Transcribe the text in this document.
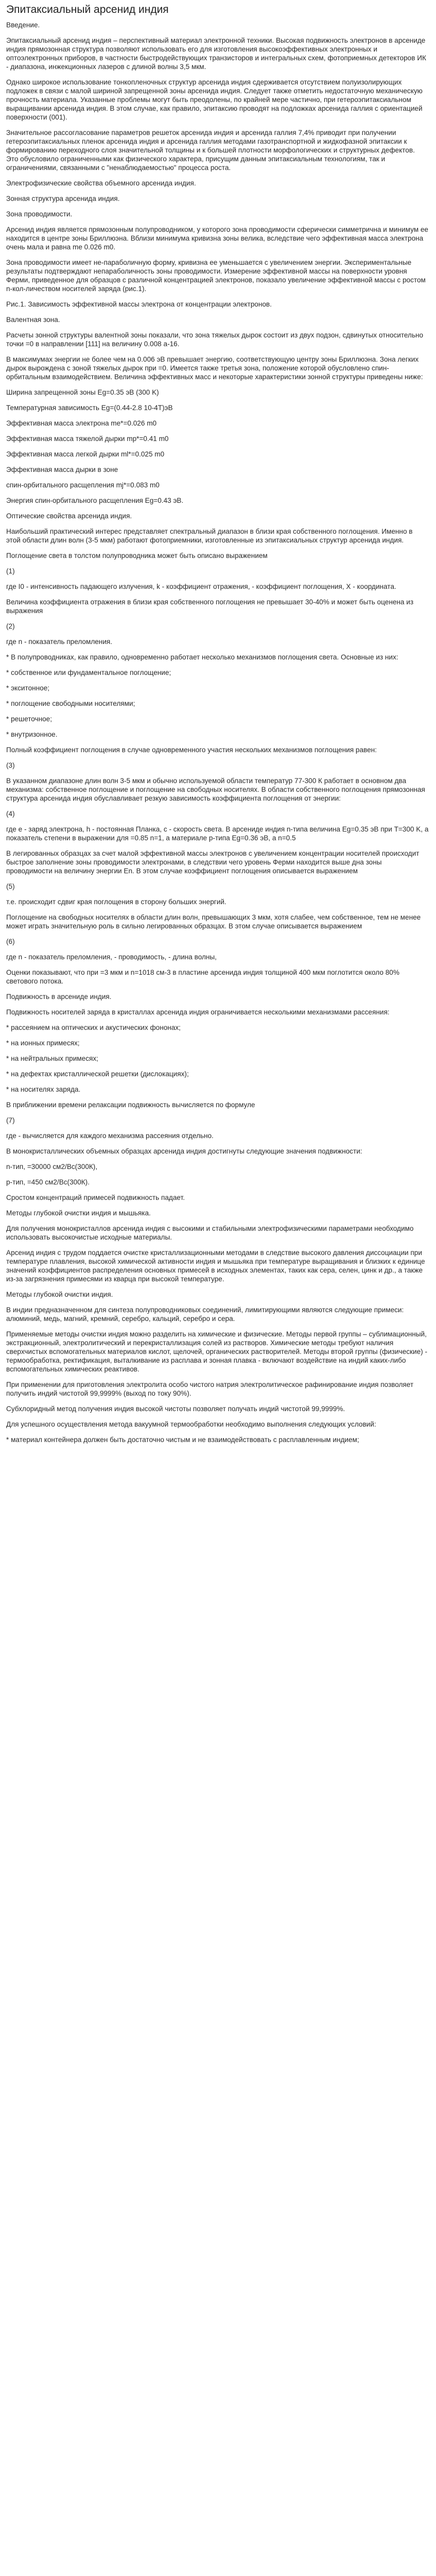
Эпитаксиальный арсенид индия

Введение.

Эпитаксиальный арсенид индия – перспективный материал электронной техники. Высокая подвижность электронов в арсениде индия прямозонная структура позволяют использовать его для изготовления высокоэффективных электронных и оптоэлектронных приборов, в частности быстродействующих транзисторов и интегральных схем, фотоприемных детекторов ИК - диапазона, инжекционных лазеров с длиной волны 3,5 мкм.

Однако широкое использование тонкопленочных структур арсенида индия сдерживается отсутствием полуизолирующих подложек в связи с малой шириной запрещенной зоны арсенида индия. Следует также отметить недостаточную механическую прочность материала. Указанные проблемы могут быть преодолены, по крайней мере частично, при гетероэпитаксиальном выращивании арсенида индия. В этом случае, как правило, эпитаксию проводят на подложках арсенида галлия с ориентацией поверхности (001).

Значительное рассогласование параметров решеток арсенида индия и арсенида галлия 7,4% приводит при получении гетероэпитаксиальных пленок арсенида индия и арсенида галлия методами газотранспортной и жидкофазной эпитаксии к формированию переходного слоя значительной толщины и к большей плотности морфологических и структурных дефектов. Это обусловило ограниченными как физического характера, присущим данным эпитаксиальным технологиям, так и ограничениями, связанными с "ненаблюдаемостью" процесса роста.

Электрофизические свойства объемного арсенида индия.

Зонная структура арсенида индия.

Зона проводимости.

Арсенид индия является прямозонным полупроводником, у которого зона проводимости сферически симметрична и минимум ее находится в центре зоны Бриллюэна. Вблизи минимума кривизна зоны велика, вследствие чего эффективная масса электрона очень мала и равна me 0.026 m0.

Зона проводимости имеет не-параболичную форму, кривизна ее уменьшается с увеличением энергии. Экспериментальные результаты подтверждают непараболичность зоны проводимости. Измерение эффективной массы на поверхности уровня Ферми, приведенное для образцов с различной концентрацией электронов, показало увеличение эффективной массы с ростом n-кол-личеством носителей заряда (рис.1).

Рис.1. Зависимость эффективной массы электрона от концентрации электронов.

Валентная зона.

Расчеты зонной структуры валентной зоны показали, что зона тяжелых дырок состоит из двух подзон, сдвинутых относительно точки =0 в направлении [111] на величину 0.008 а-16.

В максимумах энергии не более чем на 0.006 эВ превышает энергию, соответствующую центру зоны Бриллюэна. Зона легких дырок вырождена с зоной тяжелых дырок при =0. Имеется также третья зона, положение которой обусловлено спин-орбитальным взаимодействием. Величина эффективных масс и некоторые характеристики зонной структуры приведены ниже:

Ширина запрещенной зоны Eg=0.35 эВ (300 K)

Температурная зависимость Eg=(0.44-2.8 10-4T)эВ

Эффективная масса электрона me*=0.026 m0

Эффективная масса тяжелой дырки mp*=0.41 m0

Эффективная масса легкой дырки ml*=0.025 m0

Эффективная масса дырки в зоне

спин-орбитального расщепления mj*=0.083 m0

Энергия спин-орбитального расщепления Eg=0.43 эВ.

Оптические свойства арсенида индия.

Наибольший практический интерес представляет спектральный диапазон в близи края собственного поглощения. Именно в этой области длин волн (3-5 мкм) работают фотоприемники, изготовленные из эпитаксиальных структур арсенида индия.

Поглощение света в толстом полупроводника может быть описано выражением

(1)

где I0 - интенсивность падающего излучения, k - коэффициент отражения, - коэффициент поглощения, Х - координата.

Величина коэффициента отражения в близи края собственного поглощения не превышает 30-40% и может быть оценена из выражения

(2)

где n - показатель преломления.

* В полупроводниках, как правило, одновременно работает несколько механизмов поглощения света. Основные из них:

* собственное или фундаментальное поглощение;

* экситонное;

* поглощение свободными носителями;

* решеточное;

* внутризонное.

Полный коэффициент поглощения в случае одновременного участия нескольких механизмов поглощения равен:

(3)

В указанном диапазоне длин волн 3-5 мкм и обычно используемой области температур 77-300 К работает в основном два механизма: собственное поглощение и поглощение на свободных носителях. В области собственного поглощения прямозонная структура арсенида индия обуславливает резкую зависимость коэффициента поглощения от энергии:

(4)

где e - заряд электрона, h - постоянная Планка, c - скорость света. В арсениде индия n-типа величина Eg=0.35 эВ при T=300 K, а показатель степени в выражении для =0.85 n=1, а материале p-типа Eg=0.36 эВ, а n=0.5

В легированных образцах за счет малой эффективной массы электронов с увеличением концентрации носителей происходит быстрое заполнение зоны проводимости электронами, в следствии чего уровень Ферми находится выше дна зоны проводимости на величину энергии Еn. В этом случае коэффициент поглощения описывается выражением

(5)

т.е. происходит сдвиг края поглощения в сторону больших энергий.

Поглощение на свободных носителях в области длин волн, превышающих 3 мкм, хотя слабее, чем собственное, тем не менее может играть значительную роль в сильно легированных образцах. В этом случае описывается выражением

(6)

где n - показатель преломления, - проводимость, - длина волны,

Оценки показывают, что при =3 мкм и n=1018 см-3 в пластине арсенида индия толщиной 400 мкм поглотится около 80% светового потока.

Подвижность в арсениде индия.

Подвижность носителей заряда в кристаллах арсенида индия ограничивается несколькими механизмами рассеяния:

* рассеянием на оптических и акустических фононах;

* на ионных примесях;

* на нейтральных примесях;

* на дефектах кристаллической решетки (дислокациях);

* на носителях заряда.

В приближении времени релаксации подвижность вычисляется по формуле

(7)

где - вычисляется для каждого механизма рассеяния отдельно.

В монокристаллических объемных образцах арсенида индия достигнуты следующие значения подвижности:

n-тип, =30000 см2/Вс(300К),

p-тип, =450 см2/Вс(300К).

Сростом концентраций примесей подвижность падает.

Методы глубокой очистки индия и мышьяка.

Для получения монокристаллов арсенида индия с высокими и стабильными электрофизическими параметрами необходимо использовать высокочистые исходные материалы.

Арсенид индия с трудом поддается очистке кристаллизационными методами в следствие высокого давления диссоциации при температуре плавления, высокой химической активности индия и мышьяка при температуре выращивания и близких к единице значений коэффициентов распределения основных примесей в исходных элементах, таких как сера, селен, цинк и др., а также из-за загрязнения примесями из кварца при высокой температуре.

Методы глубокой очистки индия.

В индии предназначенном для синтеза полупроводниковых соединений, лимитирующими являются следующие примеси: алюминий, медь, магний, кремний, серебро, кальций, серебро и сера.

Применяемые методы очистки индия можно разделить на химические и физические. Методы первой группы – сублимационный, экстракционный, электролитический и перекристаллизация солей из растворов. Химические методы требуют наличия сверхчистых вспомогательных материалов кислот, щелочей, органических растворителей. Методы второй группы (физические) - термообработка, ректификация, выталкивание из расплава и зонная плавка - включают воздействие на индий каких-либо вспомогательных химических реактивов.

При применении для приготовления электролита особо чистого натрия электролитическое рафинирование индия позволяет получить индий чистотой 99,9999% (выход по току 90%).

Субхлоридный метод получения индия высокой чистоты позволяет получать индий чистотой 99,9999%.

Для успешного осуществления метода вакуумной термообработки необходимо выполнения следующих условий:

* материал контейнера должен быть достаточно чистым и не взаимодействовать с расплавленным индием;
